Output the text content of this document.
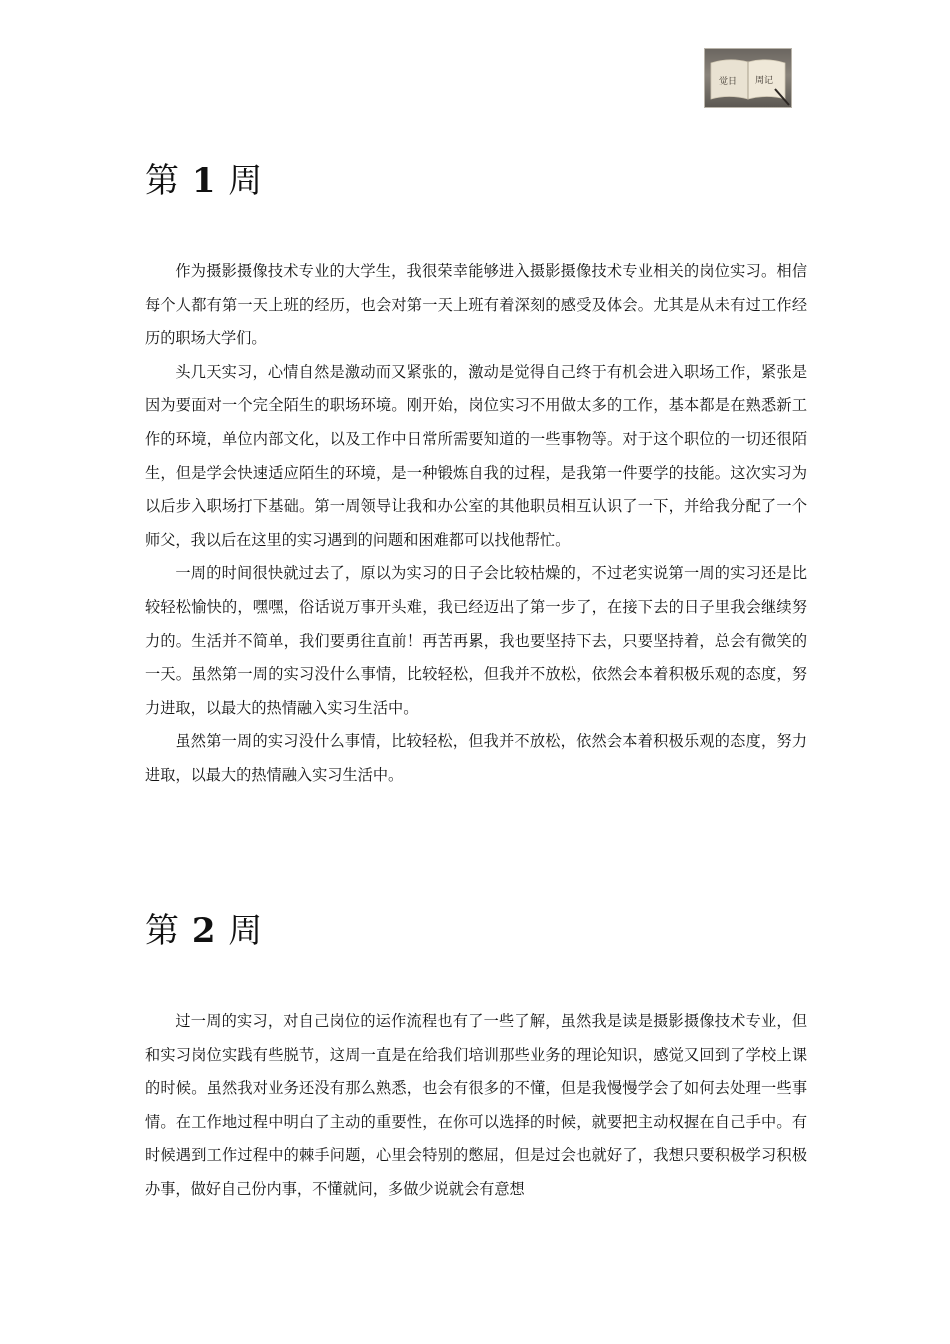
觉日 周记
第 1 周

作为摄影摄像技术专业的大学生，我很荣幸能够进入摄影摄像技术专业相关的岗位实习。相信每个人都有第一天上班的经历，也会对第一天上班有着深刻的感受及体会。尤其是从未有过工作经历的职场大学们。

头几天实习，心情自然是激动而又紧张的，激动是觉得自己终于有机会进入职场工作，紧张是因为要面对一个完全陌生的职场环境。刚开始，岗位实习不用做太多的工作，基本都是在熟悉新工作的环境，单位内部文化，以及工作中日常所需要知道的一些事物等。对于这个职位的一切还很陌生，但是学会快速适应陌生的环境，是一种锻炼自我的过程，是我第一件要学的技能。这次实习为以后步入职场打下基础。第一周领导让我和办公室的其他职员相互认识了一下，并给我分配了一个师父，我以后在这里的实习遇到的问题和困难都可以找他帮忙。

一周的时间很快就过去了，原以为实习的日子会比较枯燥的，不过老实说第一周的实习还是比较轻松愉快的，嘿嘿，俗话说万事开头难，我已经迈出了第一步了，在接下去的日子里我会继续努力的。生活并不简单，我们要勇往直前！再苦再累，我也要坚持下去，只要坚持着，总会有微笑的一天。虽然第一周的实习没什么事情，比较轻松，但我并不放松，依然会本着积极乐观的态度，努力进取，以最大的热情融入实习生活中。

虽然第一周的实习没什么事情，比较轻松，但我并不放松，依然会本着积极乐观的态度，努力进取，以最大的热情融入实习生活中。

第 2 周

过一周的实习，对自己岗位的运作流程也有了一些了解，虽然我是读是摄影摄像技术专业，但和实习岗位实践有些脱节，这周一直是在给我们培训那些业务的理论知识，感觉又回到了学校上课的时候。虽然我对业务还没有那么熟悉，也会有很多的不懂，但是我慢慢学会了如何去处理一些事情。在工作地过程中明白了主动的重要性，在你可以选择的时候，就要把主动权握在自己手中。有时候遇到工作过程中的棘手问题，心里会特别的憋屈，但是过会也就好了，我想只要积极学习积极办事，做好自己份内事，不懂就问，多做少说就会有意想
